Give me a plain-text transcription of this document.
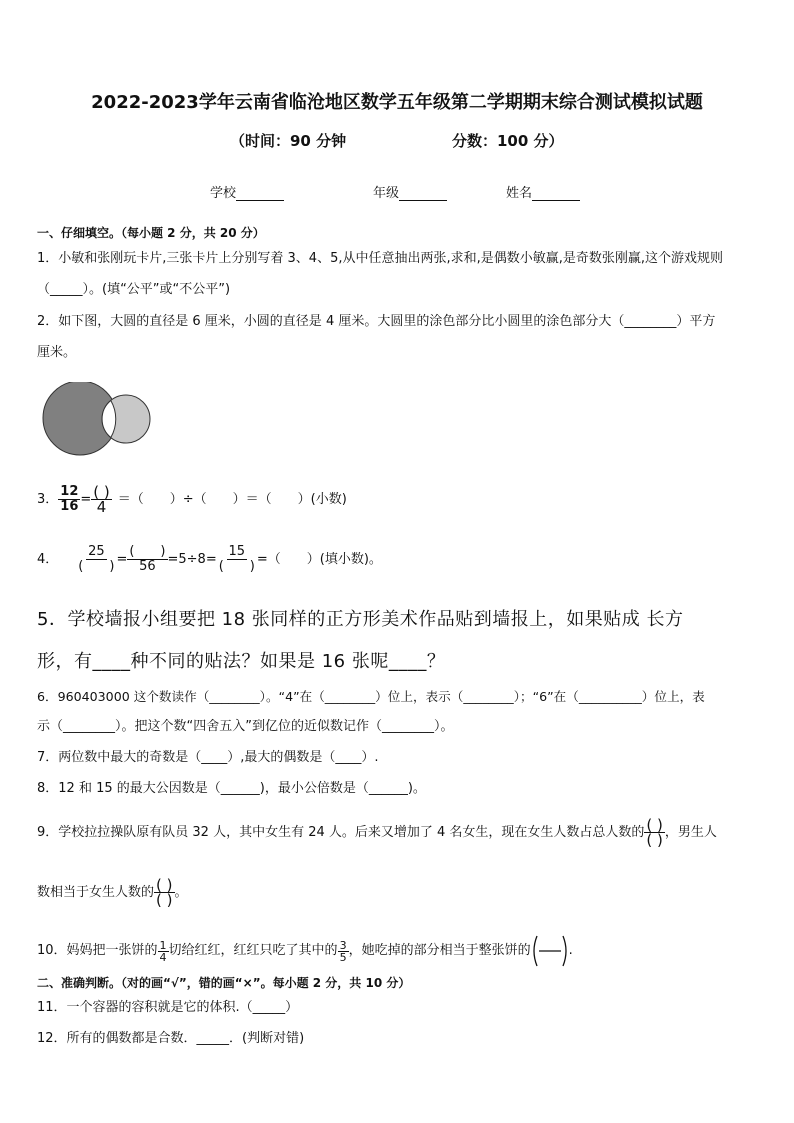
2022-2023学年云南省临沧地区数学五年级第二学期期末综合测试模拟试题
（时间：90 分钟	分数：100 分）
学校	年级	姓名
一、仔细填空。（每小题 2 分，共 20 分）
1．小敏和张刚玩卡片,三张卡片上分别写着 3、4、5,从中任意抽出两张,求和,是偶数小敏赢,是奇数张刚赢,这个游戏规则
（_____）。(填“公平”或“不公平”)
2．如下图，大圆的直径是 6 厘米，小圆的直径是 4 厘米。大圆里的涂色部分比小圆里的涂色部分大（________）平方
厘米。
3． $\frac{12}{16} = \frac{( )}{4}$ ＝（　　）÷（　　）＝（　　）(小数)
4． $\frac{25}{( )} = \frac{( )}{56} =5\div 8= \frac{15}{( )}$ =（　　）(填小数)。
5．学校墙报小组要把 18 张同样的正方形美术作品贴到墙报上，如果贴成 长方
形，有____种不同的贴法？如果是 16 张呢____？
6．960403000 这个数读作（________）。“4”在（________）位上，表示（________）；“6”在（__________）位上，表
示（________）。把这个数“四舍五入”到亿位的近似数记作（________）。
7．两位数中最大的奇数是（____）,最大的偶数是（____）.
8．12 和 15 的最大公因数是（______)，最小公倍数是（______)。
9．学校拉拉操队原有队员 32 人，其中女生有 24 人。后来又增加了 4 名女生，现在女生人数占总人数的 $\frac{( )}{( )}$ ，男生人
数相当于女生人数的 $\frac{( )}{( )}$ 。
10．妈妈把一张饼的 $\frac{1}{4}$ 切给红红，红红只吃了其中的 $\frac{3}{5}$ ，她吃掉的部分相当于整张饼的	.
二、准确判断。（对的画“√”，错的画“×”。每小题 2 分，共 10 分）
11．一个容器的容积就是它的体积.（_____）
12．所有的偶数都是合数．_____．(判断对错)
